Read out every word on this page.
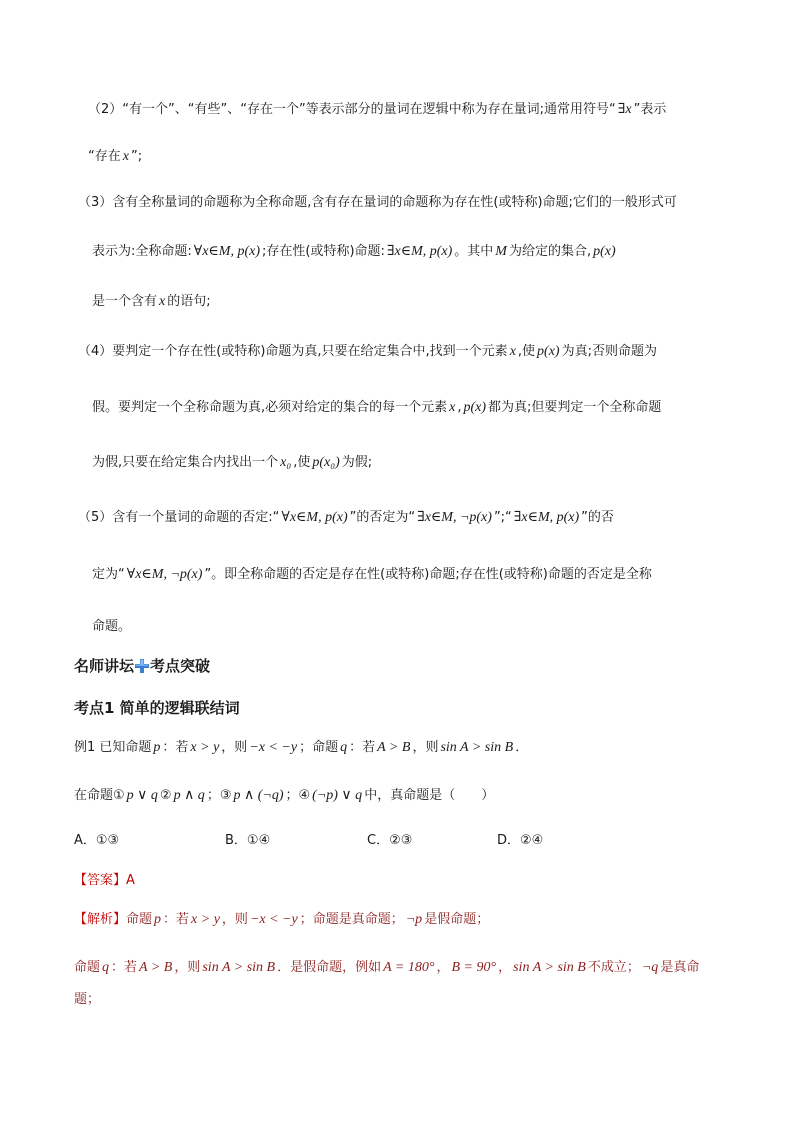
（2）“有一个”、“有些”、“存在一个”等表示部分的量词在逻辑中称为存在量词;通常用符号“ ∃x ”表示
“存在 x ”;
（3）含有全称量词的命题称为全称命题,含有存在量词的命题称为存在性(或特称)命题;它们的一般形式可
表示为:全称命题: ∀x∈M, p(x) ;存在性(或特称)命题: ∃x∈M, p(x) 。其中 M 为给定的集合, p(x)
是一个含有 x 的语句;
（4）要判定一个存在性(或特称)命题为真,只要在给定集合中,找到一个元素 x ,使 p(x) 为真;否则命题为
假。要判定一个全称命题为真,必须对给定的集合的每一个元素 x , p(x) 都为真;但要判定一个全称命题
为假,只要在给定集合内找出一个 x₀ ,使 p(x₀) 为假;
（5）含有一个量词的命题的否定:“ ∀x∈M, p(x) ”的否定为“ ∃x∈M, ¬p(x) ”;“ ∃x∈M, p(x) ”的否
定为“ ∀x∈M, ¬p(x) ”。即全称命题的否定是存在性(或特称)命题;存在性(或特称)命题的否定是全称
命题。
名师讲坛 考点突破
考点1 简单的逻辑联结词
例1 已知命题 p ：若 x > y ，则 −x < −y ；命题 q ：若 A > B ，则 sin A > sin B ．
在命题① p ∨ q ② p ∧ q ；③ p ∧ (¬q) ；④ (¬p) ∨ q 中，真命题是（　　）
A．①③	B．①④	C．②③	D．②④
【答案】A
【解析】命题 p ：若 x > y ，则 −x < −y ；命题是真命题； ¬p 是假命题；
命题 q ：若 A > B ，则 sin A > sin B ．是假命题，例如 A = 180° ， B = 90° ， sin A > sin B 不成立； ¬q 是真命
题；
